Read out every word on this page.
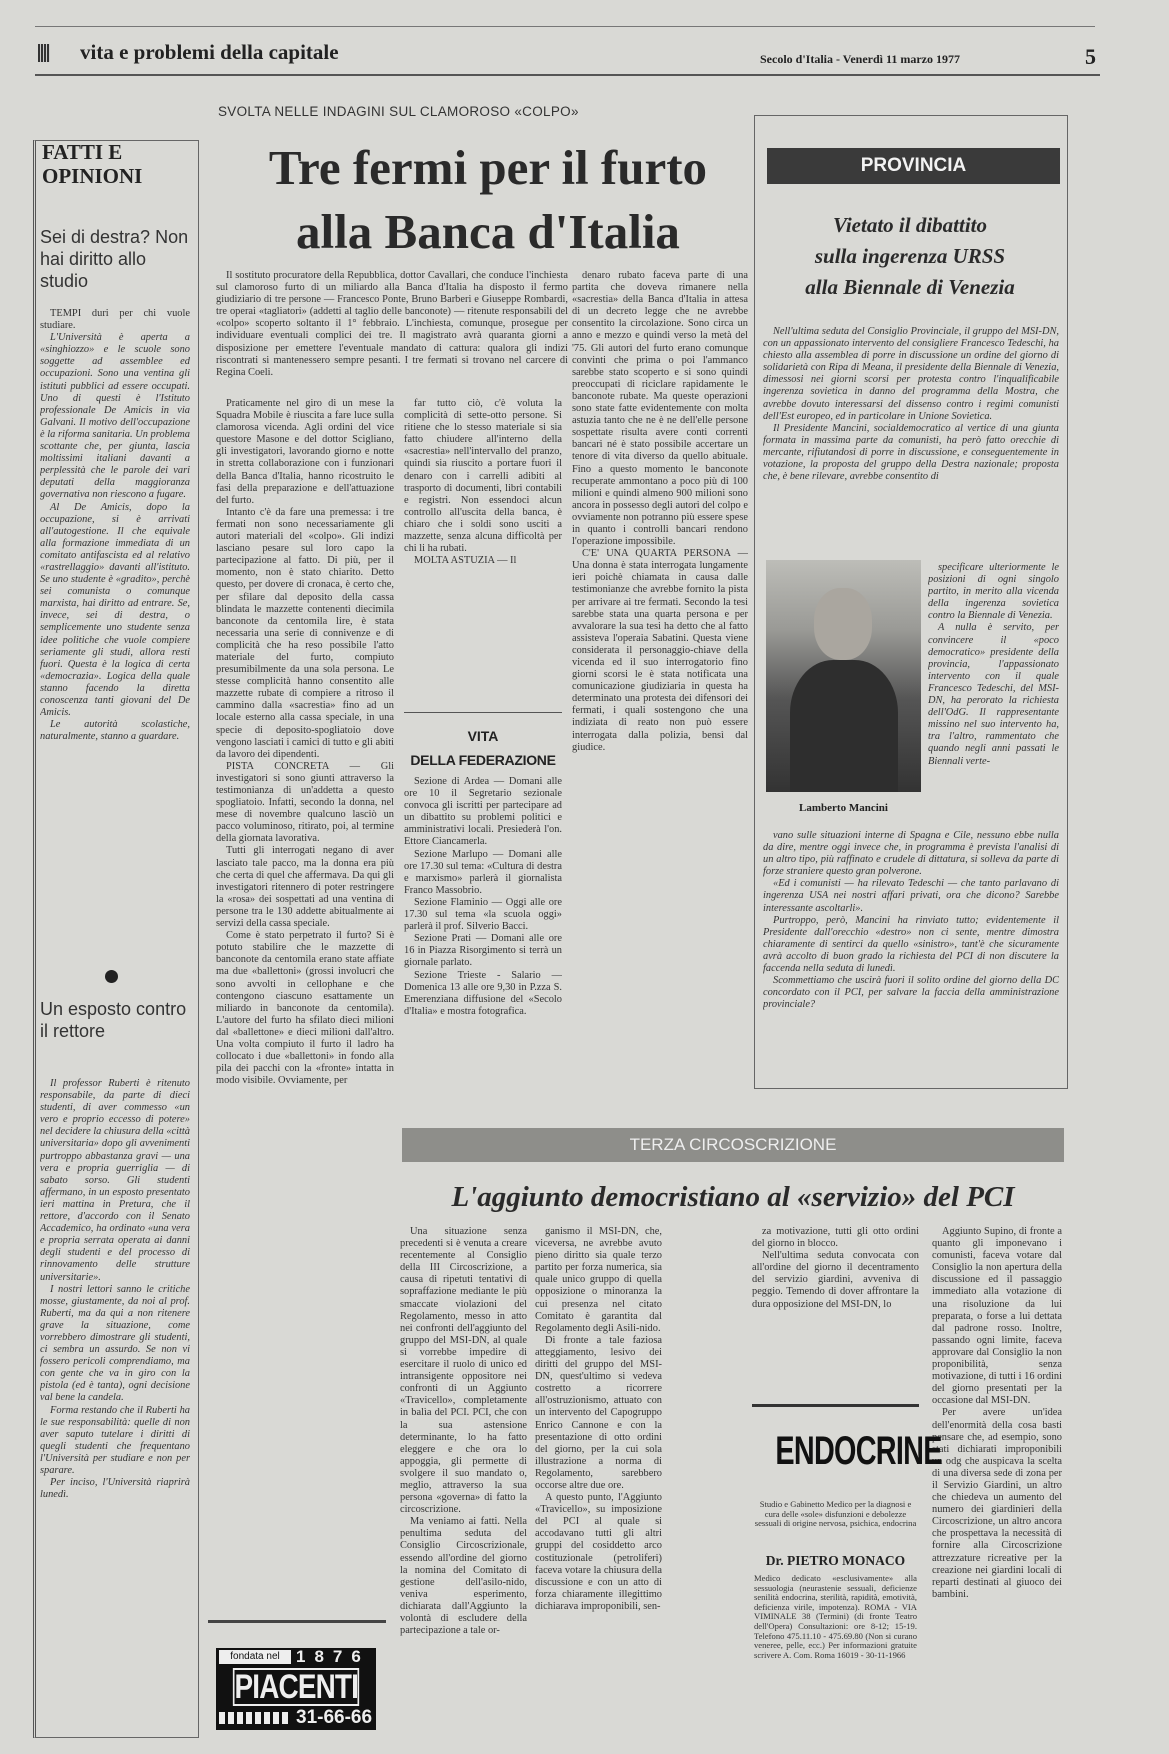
vita e problemi della capitale	Secolo d'Italia - Venerdì 11 marzo 1977	5
FATTI E OPINIONI
Sei di destra? Non hai diritto allo studio

TEMPI duri per chi vuole studiare.

L'Università è aperta a «singhiozzo» e le scuole sono soggette ad assemblee ed occupazioni. Sono una ventina gli istituti pubblici ad essere occupati. Uno di questi è l'Istituto professionale De Amicis in via Galvani. Il motivo dell'occupazione è la riforma sanitaria. Un problema scottante che, per giunta, lascia moltissimi italiani davanti a perplessità che le parole dei vari deputati della maggioranza governativa non riescono a fugare.

Al De Amicis, dopo la occupazione, si è arrivati all'autogestione. Il che equivale alla formazione immediata di un comitato antifascista ed al relativo «rastrellaggio» davanti all'istituto. Se uno studente è «gradito», perchè sei comunista o comunque marxista, hai diritto ad entrare. Se, invece, sei di destra, o semplicemente uno studente senza idee politiche che vuole compiere seriamente gli studi, allora resti fuori. Questa è la logica di certa «democrazia». Logica della quale stanno facendo la diretta conoscenza tanti giovani del De Amicis.

Le autorità scolastiche, naturalmente, stanno a guardare.

Un esposto contro il rettore

Il professor Ruberti è ritenuto responsabile, da parte di dieci studenti, di aver commesso «un vero e proprio eccesso di potere» nel decidere la chiusura della «città universitaria» dopo gli avvenimenti purtroppo abbastanza gravi — una vera e propria guerriglia — di sabato sorso. Gli studenti affermano, in un esposto presentato ieri mattina in Pretura, che il rettore, d'accordo con il Senato Accademico, ha ordinato «una vera e propria serrata operata ai danni degli studenti e del processo di rinnovamento delle strutture universitarie».

I nostri lettori sanno le critiche mosse, giustamente, da noi al prof. Ruberti, ma da qui a non ritenere grave la situazione, come vorrebbero dimostrare gli studenti, ci sembra un assurdo. Se non vi fossero pericoli comprendiamo, ma con gente che va in giro con la pistola (ed è tanta), ogni decisione val bene la candela.

Forma restando che il Ruberti ha le sue responsabilità: quelle di non aver saputo tutelare i diritti di quegli studenti che frequentano l'Università per studiare e non per sparare.

Per inciso, l'Università riaprirà lunedì.

SVOLTA NELLE INDAGINI SUL CLAMOROSO «COLPO»
Tre fermi per il furto
alla Banca d'Italia

Il sostituto procuratore della Repubblica, dottor Cavallari, che conduce l'inchiesta sul clamoroso furto di un miliardo alla Banca d'Italia ha disposto il fermo giudiziario di tre persone — Francesco Ponte, Bruno Barberi e Giuseppe Rombardi, tre operai «tagliatori» (addetti al taglio delle banconote) — ritenute responsabili del «colpo» scoperto soltanto il 1° febbraio. L'inchiesta, comunque, prosegue per individuare eventuali complici dei tre. Il magistrato avrà quaranta giorni a disposizione per emettere l'eventuale mandato di cattura: qualora gli indizi riscontrati si mantenessero sempre pesanti. I tre fermati si trovano nel carcere di Regina Coeli.

Praticamente nel giro di un mese la Squadra Mobile è riuscita a fare luce sulla clamorosa vicenda. Agli ordini del vice questore Masone e del dottor Scigliano, gli investigatori, lavorando giorno e notte in stretta collaborazione con i funzionari della Banca d'Italia, hanno ricostruito le fasi della preparazione e dell'attuazione del furto.

Intanto c'è da fare una premessa: i tre fermati non sono necessariamente gli autori materiali del «colpo». Gli indizi lasciano pesare sul loro capo la partecipazione al fatto. Di più, per il momento, non è stato chiarito. Detto questo, per dovere di cronaca, è certo che, per sfilare dal deposito della cassa blindata le mazzette contenenti diecimila banconote da centomila lire, è stata necessaria una serie di connivenze e di complicità che ha reso possibile l'atto materiale del furto, compiuto presumibilmente da una sola persona. Le stesse complicità hanno consentito alle mazzette rubate di compiere a ritroso il cammino dalla «sacrestia» fino ad un locale esterno alla cassa speciale, in una specie di deposito-spogliatoio dove vengono lasciati i camici di tutto e gli abiti da lavoro dei dipendenti.

PISTA CONCRETA — Gli investigatori si sono giunti attraverso la testimonianza di un'addetta a questo spogliatoio. Infatti, secondo la donna, nel mese di novembre qualcuno lasciò un pacco voluminoso, ritirato, poi, al termine della giornata lavorativa.

Tutti gli interrogati negano di aver lasciato tale pacco, ma la donna era più che certa di quel che affermava. Da qui gli investigatori ritennero di poter restringere la «rosa» dei sospettati ad una ventina di persone tra le 130 addette abitualmente ai servizi della cassa speciale.

Come è stato perpetrato il furto? Si è potuto stabilire che le mazzette di banconote da centomila erano state affiate ma due «ballettoni» (grossi involucri che sono avvolti in cellophane e che contengono ciascuno esattamente un miliardo in banconote da centomila). L'autore del furto ha sfilato dieci milioni dal «ballettone» e dieci milioni dall'altro. Una volta compiuto il furto il ladro ha collocato i due «ballettoni» in fondo alla pila dei pacchi con la «fronte» intatta in modo visibile. Ovviamente, per

far tutto ciò, c'è voluta la complicità di sette-otto persone. Si ritiene che lo stesso materiale si sia fatto chiudere all'interno della «sacrestia» nell'intervallo del pranzo, quindi sia riuscito a portare fuori il denaro con i carrelli adibiti al trasporto di documenti, libri contabili e registri. Non essendoci alcun controllo all'uscita della banca, è chiaro che i soldi sono usciti a mazzette, senza alcuna difficoltà per chi li ha rubati.

MOLTA ASTUZIA — Il

denaro rubato faceva parte di una partita che doveva rimanere nella «sacrestia» della Banca d'Italia in attesa di un decreto legge che ne avrebbe consentito la circolazione. Sono circa un anno e mezzo e quindi verso la metà del '75. Gli autori del furto erano comunque convinti che prima o poi l'ammanco sarebbe stato scoperto e si sono quindi preoccupati di riciclare rapidamente le banconote rubate. Ma queste operazioni sono state fatte evidentemente con molta astuzia tanto che ne è ne dell'elle persone sospettate risulta avere conti correnti bancari né è stato possibile accertare un tenore di vita diverso da quello abituale. Fino a questo momento le banconote recuperate ammontano a poco più di 100 milioni e quindi almeno 900 milioni sono ancora in possesso degli autori del colpo e ovviamente non potranno più essere spese in quanto i controlli bancari rendono l'operazione impossibile.

C'E' UNA QUARTA PERSONA — Una donna è stata interrogata lungamente ieri poichè chiamata in causa dalle testimonianze che avrebbe fornito la pista per arrivare ai tre fermati. Secondo la tesi sarebbe stata una quarta persona e per avvalorare la sua tesi ha detto che al fatto assisteva l'operaia Sabatini. Questa viene considerata il personaggio-chiave della vicenda ed il suo interrogatorio fino giorni scorsi le è stata notificata una comunicazione giudiziaria in questa ha determinato una protesta dei difensori dei fermati, i quali sostengono che una indiziata di reato non può essere interrogata dalla polizia, bensì dal giudice.

VITA
DELLA FEDERAZIONE

Sezione di Ardea — Domani alle ore 10 il Segretario sezionale convoca gli iscritti per partecipare ad un dibattito su problemi politici e amministrativi locali. Presiederà l'on. Ettore Ciancamerla.

Sezione Marlupo — Domani alle ore 17.30 sul tema: «Cultura di destra e marxismo» parlerà il giornalista Franco Massobrio.

Sezione Flaminio — Oggi alle ore 17.30 sul tema «la scuola oggi» parlerà il prof. Silverio Bacci.

Sezione Prati — Domani alle ore 16 in Piazza Risorgimento si terrà un giornale parlato.

Sezione Trieste - Salario — Domenica 13 alle ore 9,30 in P.zza S. Emerenziana diffusione del «Secolo d'Italia» e mostra fotografica.

PROVINCIA
Vietato il dibattito
sulla ingerenza URSS
alla Biennale di Venezia

Nell'ultima seduta del Consiglio Provinciale, il gruppo del MSI-DN, con un appassionato intervento del consigliere Francesco Tedeschi, ha chiesto alla assemblea di porre in discussione un ordine del giorno di solidarietà con Ripa di Meana, il presidente della Biennale di Venezia, dimessosi nei giorni scorsi per protesta contro l'inqualificabile ingerenza sovietica in danno del programma della Mostra, che avrebbe dovuto interessarsi del dissenso contro i regimi comunisti dell'Est europeo, ed in particolare in Unione Sovietica.

Il Presidente Mancini, socialdemocratico al vertice di una giunta formata in massima parte da comunisti, ha però fatto orecchie di mercante, rifiutandosi di porre in discussione, e conseguentemente in votazione, la proposta del gruppo della Destra nazionale; proposta che, è bene rilevare, avrebbe consentito di

Lamberto Mancini

specificare ulteriormente le posizioni di ogni singolo partito, in merito alla vicenda della ingerenza sovietica contro la Biennale di Venezia.

A nulla è servito, per convincere il «poco democratico» presidente della provincia, l'appassionato intervento con il quale Francesco Tedeschi, del MSI-DN, ha perorato la richiesta dell'OdG. Il rappresentante missino nel suo intervento ha, tra l'altro, rammentato che quando negli anni passati le Biennali verte-

vano sulle situazioni interne di Spagna e Cile, nessuno ebbe nulla da dire, mentre oggi invece che, in programma è prevista l'analisi di un altro tipo, più raffinato e crudele di dittatura, si solleva da parte di forze straniere questo gran polverone.

«Ed i comunisti — ha rilevato Tedeschi — che tanto parlavano di ingerenza USA nei nostri affari privati, ora che dicono? Sarebbe interessante ascoltarli».

Purtroppo, però, Mancini ha rinviato tutto; evidentemente il Presidente dall'orecchio «destro» non ci sente, mentre dimostra chiaramente di sentirci da quello «sinistro», tant'è che sicuramente avrà accolto di buon grado la richiesta del PCI di non discutere la faccenda nella seduta di lunedì.

Scommettiamo che uscirà fuori il solito ordine del giorno della DC concordato con il PCI, per salvare la faccia della amministrazione provinciale?

TERZA CIRCOSCRIZIONE
L'aggiunto democristiano al «servizio» del PCI

Una situazione senza precedenti si è venuta a creare recentemente al Consiglio della III Circoscrizione, a causa di ripetuti tentativi di sopraffazione mediante le più smaccate violazioni del Regolamento, messo in atto nei confronti dell'aggiunto del gruppo del MSI-DN, al quale si vorrebbe impedire di esercitare il ruolo di unico ed intransigente oppositore nei confronti di un Aggiunto «Travicello», completamente in balìa del PCI. PCI, che con la sua astensione determinante, lo ha fatto eleggere e che ora lo appoggia, gli permette di svolgere il suo mandato o, meglio, attraverso la sua persona «governa» di fatto la circoscrizione.

Ma veniamo ai fatti. Nella penultima seduta del Consiglio Circoscrizionale, essendo all'ordine del giorno la nomina del Comitato di gestione dell'asilo-nido, veniva esperimento, dichiarata dall'Aggiunto la volontà di escludere della partecipazione a tale or-

ganismo il MSI-DN, che, viceversa, ne avrebbe avuto pieno diritto sia quale terzo partito per forza numerica, sia quale unico gruppo di quella opposizione o minoranza la cui presenza nel citato Comitato è garantita dal Regolamento degli Asili-nido.

Di fronte a tale faziosa atteggiamento, lesivo dei diritti del gruppo del MSI-DN, quest'ultimo si vedeva costretto a ricorrere all'ostruzionismo, attuato con un intervento del Capogruppo Enrico Cannone e con la presentazione di otto ordini del giorno, per la cui sola illustrazione a norma di Regolamento, sarebbero occorse altre due ore.

A questo punto, l'Aggiunto «Travicello», su imposizione del PCI al quale si accodavano tutti gli altri gruppi del cosiddetto arco costituzionale (petroliferi) faceva votare la chiusura della discussione e con un atto di forza chiaramente illegittimo dichiarava improponibili, sen-

za motivazione, tutti gli otto ordini del giorno in blocco.

Nell'ultima seduta convocata con all'ordine del giorno il decentramento del servizio giardini, avveniva di peggio. Temendo di dover affrontare la dura opposizione del MSI-DN, lo

Aggiunto Supino, di fronte a quanto gli imponevano i comunisti, faceva votare dal Consiglio la non apertura della discussione ed il passaggio immediato alla votazione di una risoluzione da lui preparata, o forse a lui dettata dal padrone rosso. Inoltre, passando ogni limite, faceva approvare dal Consiglio la non proponibilità, senza motivazione, di tutti i 16 ordini del giorno presentati per la occasione dal MSI-DN.

Per avere un'idea dell'enormità della cosa basti pensare che, ad esempio, sono stati dichiarati improponibili un odg che auspicava la scelta di una diversa sede di zona per il Servizio Giardini, un altro che chiedeva un aumento del numero dei giardinieri della Circoscrizione, un altro ancora che prospettava la necessità di fornire alla Circoscrizione attrezzature ricreative per la creazione nei giardini locali di reparti destinati al giuoco dei bambini.

ENDOCRINE
Studio e Gabinetto Medico per la diagnosi e cura delle «sole» disfunzioni e debolezze sessuali di origine nervosa, psichica, endocrina
Dr. PIETRO MONACO
Medico dedicato «esclusivamente» alla sessuologia (neurastenie sessuali, deficienze senilità endocrina, sterilità, rapidità, emotività, deficienza virile, impotenza). ROMA - VIA VIMINALE 38 (Termini) (di fronte Teatro dell'Opera) Consultazioni: ore 8-12; 15-19. Telefono 475.11.10 - 475.69.80 (Non si curano veneree, pelle, ecc.) Per informazioni gratuite scrivere A. Com. Roma 16019 - 30-11-1966
fondata nel 1876
PIACENTI
31-66-66
